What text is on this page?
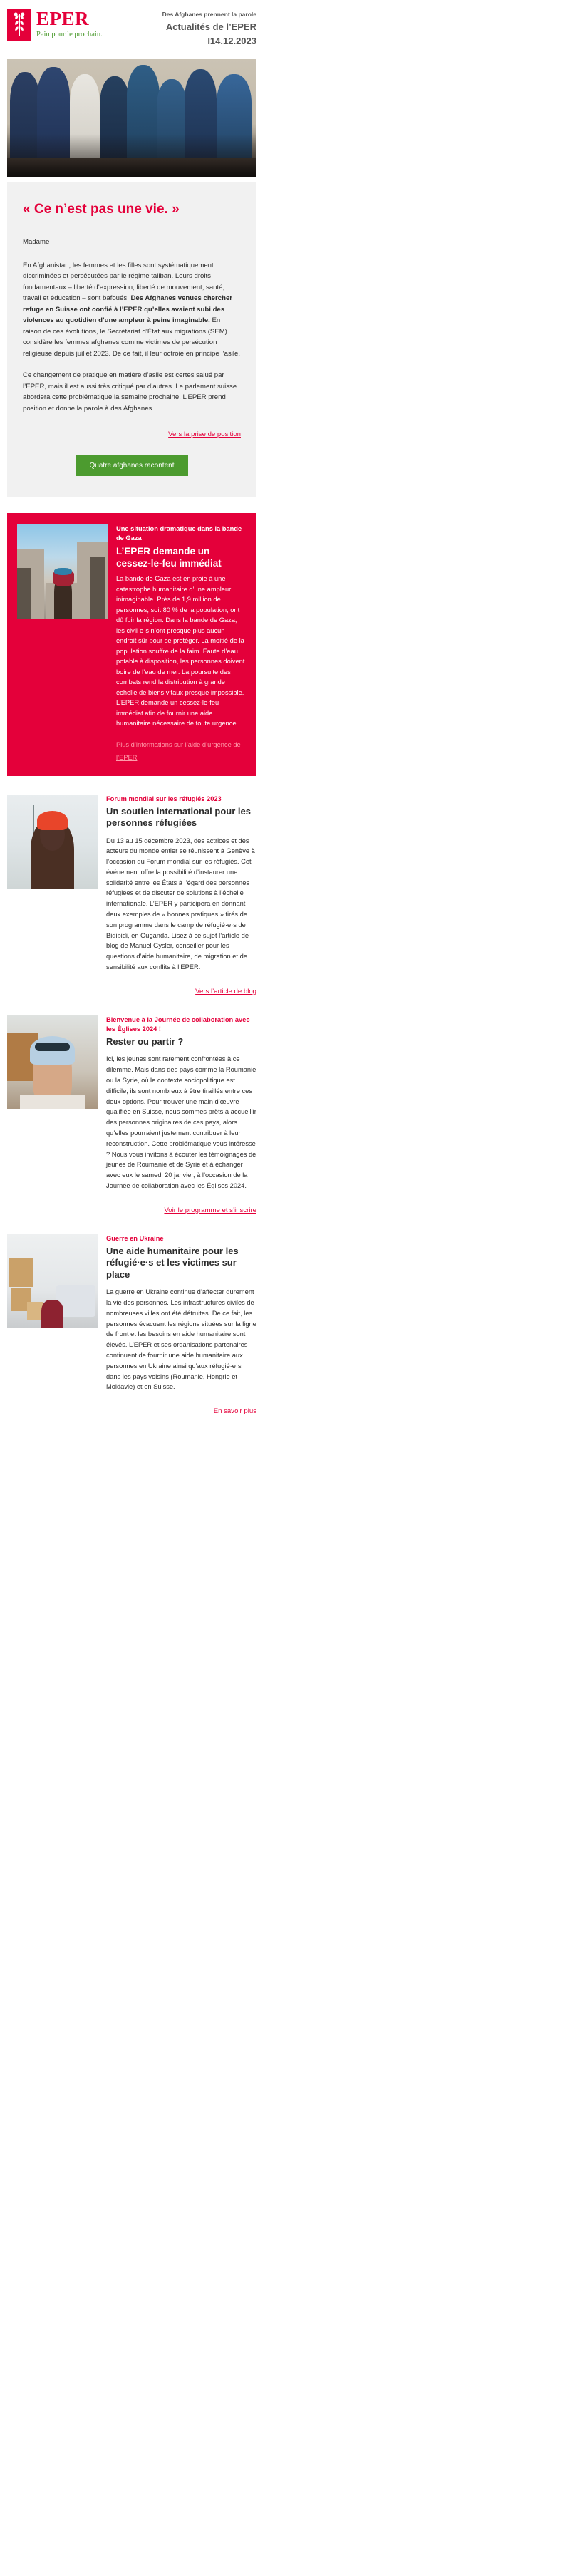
EPER
Pain pour le prochain.
Des Afghanes prennent la parole
Actualités de l’EPER
I14.12.2023
« Ce n’est pas une vie. »

Madame

En Afghanistan, les femmes et les filles sont systématiquement discriminées et persécutées par le régime taliban. Leurs droits fondamentaux – liberté d’expression, liberté de mouvement, santé, travail et éducation – sont bafoués. Des Afghanes venues chercher refuge en Suisse ont confié à l’EPER qu’elles avaient subi des violences au quotidien d’une ampleur à peine imaginable. En raison de ces évolutions, le Secrétariat d’État aux migrations (SEM) considère les femmes afghanes comme victimes de persécution religieuse depuis juillet 2023. De ce fait, il leur octroie en principe l’asile.

Ce changement de pratique en matière d’asile est certes salué par l’EPER, mais il est aussi très critiqué par d’autres. Le parlement suisse abordera cette problématique la semaine prochaine. L’EPER prend position et donne la parole à des Afghanes.

Vers la prise de position
Quatre afghanes racontent
Une situation dramatique dans la bande de Gaza
L’EPER demande un cessez-le-feu immédiat

La bande de Gaza est en proie à une catastrophe humanitaire d’une ampleur inimaginable. Près de 1,9 million de personnes, soit 80 % de la population, ont dû fuir la région. Dans la bande de Gaza, les civil·e·s n’ont presque plus aucun endroit sûr pour se protéger. La moitié de la population souffre de la faim. Faute d’eau potable à disposition, les personnes doivent boire de l’eau de mer. La poursuite des combats rend la distribution à grande échelle de biens vitaux presque impossible. L’EPER demande un cessez-le-feu immédiat afin de fournir une aide humanitaire nécessaire de toute urgence.

Plus d’informations sur l’aide d’urgence de l’EPER
Forum mondial sur les réfugiés 2023
Un soutien international pour les personnes réfugiées

Du 13 au 15 décembre 2023, des actrices et des acteurs du monde entier se réunissent à Genève à l’occasion du Forum mondial sur les réfugiés. Cet événement offre la possibilité d’instaurer une solidarité entre les États à l’égard des personnes réfugiées et de discuter de solutions à l’échelle internationale. L’EPER y participera en donnant deux exemples de « bonnes pratiques » tirés de son programme dans le camp de réfugié·e·s de Bidibidi, en Ouganda. Lisez à ce sujet l’article de blog de Manuel Gysler, conseiller pour les questions d’aide humanitaire, de migration et de sensibilité aux conflits à l’EPER.

Vers l’article de blog
Bienvenue à la Journée de collaboration avec les Églises 2024 !
Rester ou partir ?

Ici, les jeunes sont rarement confrontées à ce dilemme. Mais dans des pays comme la Roumanie ou la Syrie, où le contexte sociopolitique est difficile, ils sont nombreux à être tiraillés entre ces deux options. Pour trouver une main d’œuvre qualifiée en Suisse, nous sommes prêts à accueillir des personnes originaires de ces pays, alors qu’elles pourraient justement contribuer à leur reconstruction. Cette problématique vous intéresse ? Nous vous invitons à écouter les témoignages de jeunes de Roumanie et de Syrie et à échanger avec eux le samedi 20 janvier, à l’occasion de la Journée de collaboration avec les Églises 2024.

Voir le programme et s’inscrire
Guerre en Ukraine
Une aide humanitaire pour les réfugié·e·s et les victimes sur place

La guerre en Ukraine continue d’affecter durement la vie des personnes. Les infrastructures civiles de nombreuses villes ont été détruites. De ce fait, les personnes évacuent les régions situées sur la ligne de front et les besoins en aide humanitaire sont élevés. L’EPER et ses organisations partenaires continuent de fournir une aide humanitaire aux personnes en Ukraine ainsi qu’aux réfugié·e·s dans les pays voisins (Roumanie, Hongrie et Moldavie) et en Suisse.

En savoir plus
